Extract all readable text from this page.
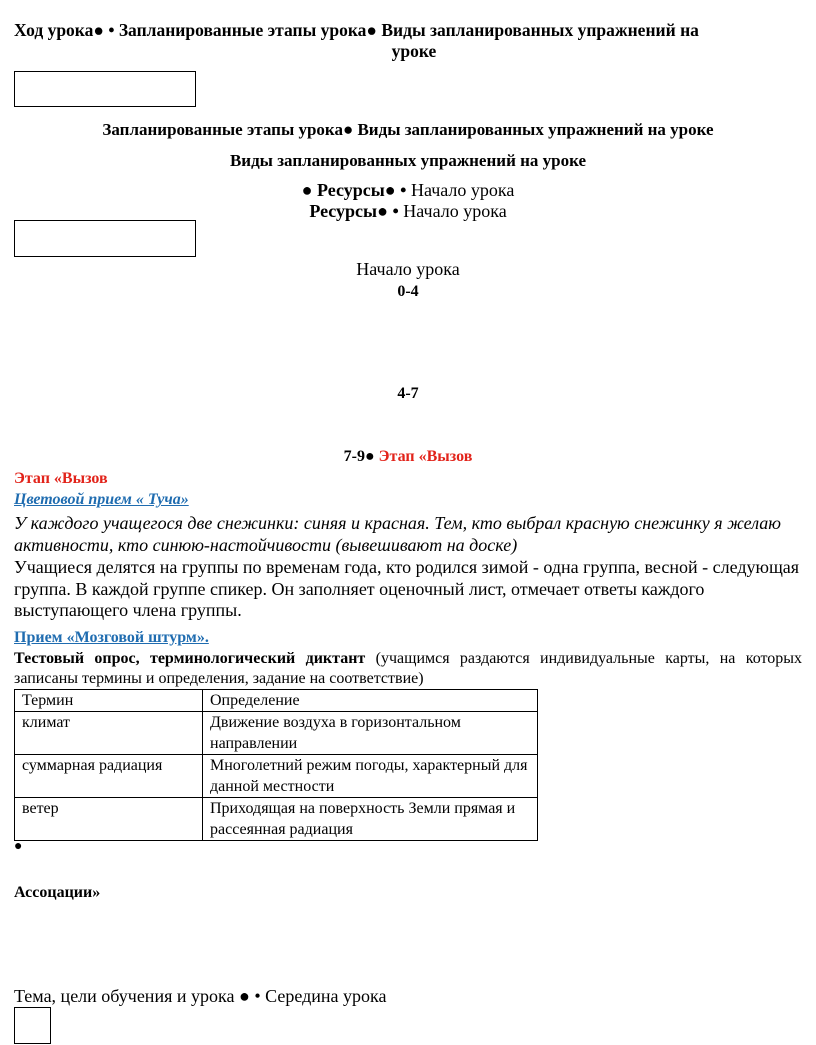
Ход урока● • Запланированные этапы урока● Виды запланированных упражнений на
уроке
Запланированные этапы урока● Виды запланированных упражнений на уроке
Виды запланированных упражнений на уроке
● Ресурсы● • Начало урока
Ресурсы● • Начало урока
Начало урока
0-4
4-7
7-9● Этап «Вызов
Этап «Вызов
Цветовой прием « Туча»
У каждого учащегося две снежинки: синяя и красная. Тем, кто выбрал красную снежинку я желаю активности, кто синюю-настойчивости (вывешивают на доске)
Учащиеся делятся на группы по временам года, кто родился зимой - одна группа, весной - следующая группа. В каждой группе спикер. Он заполняет оценочный лист, отмечает ответы каждого выступающего члена группы.
Прием «Мозговой штурм».
Тестовый опрос, терминологический диктант (учащимся раздаются индивидуальные карты, на которых записаны термины и определения, задание на соответствие)
Термин	Определение
климат	Движение воздуха в горизонтальном направлении
суммарная радиация	Многолетний режим погоды, характерный для данной местности
ветер	Приходящая на поверхность Земли прямая и рассеянная радиация
●
Ассоцации»
Тема, цели обучения и урока ● • Середина урока
